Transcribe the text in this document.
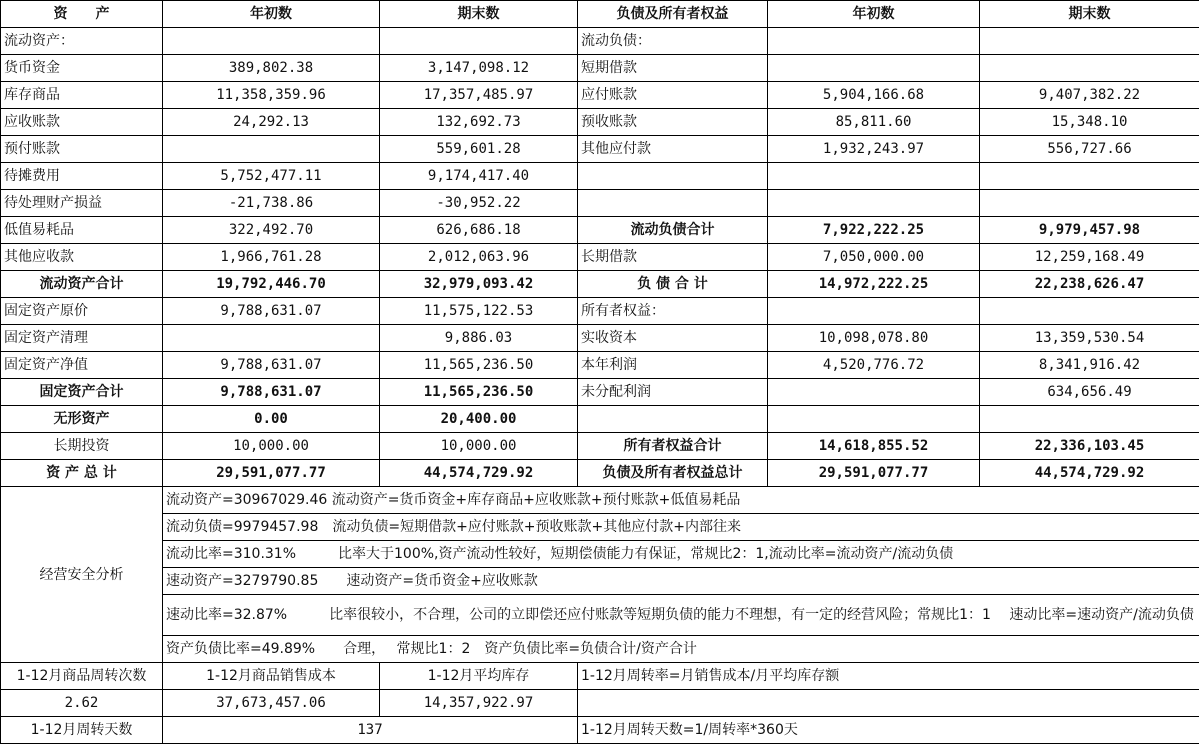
资　　产	年初数	期末数	负债及所有者权益	年初数	期末数
流动资产：			流动负债：		
货币资金	389,802.38	3,147,098.12	短期借款		
库存商品	11,358,359.96	17,357,485.97	应付账款	5,904,166.68	9,407,382.22
应收账款	24,292.13	132,692.73	预收账款	85,811.60	15,348.10
预付账款		559,601.28	其他应付款	1,932,243.97	556,727.66
待摊费用	5,752,477.11	9,174,417.40			
待处理财产损益	-21,738.86	-30,952.22			
低值易耗品	322,492.70	626,686.18	流动负债合计	7,922,222.25	9,979,457.98
其他应收款	1,966,761.28	2,012,063.96	长期借款	7,050,000.00	12,259,168.49
流动资产合计	19,792,446.70	32,979,093.42	负 债 合 计	14,972,222.25	22,238,626.47
固定资产原价	9,788,631.07	11,575,122.53	所有者权益：		
固定资产清理		9,886.03	实收资本	10,098,078.80	13,359,530.54
固定资产净值	9,788,631.07	11,565,236.50	本年利润	4,520,776.72	8,341,916.42
固定资产合计	9,788,631.07	11,565,236.50	未分配利润		634,656.49
无形资产	0.00	20,400.00			
长期投资	10,000.00	10,000.00	所有者权益合计	14,618,855.52	22,336,103.45
资 产 总 计	29,591,077.77	44,574,729.92	负债及所有者权益总计	29,591,077.77	44,574,729.92
经营安全分析	流动资产=30967029.46 流动资产=货币资金+库存商品+应收账款+预付账款+低值易耗品				
	流动负债=9979457.98　流动负债=短期借款+应付账款+预收账款+其他应付款+内部往来				
	流动比率=310.31%　　　比率大于100%,资产流动性较好，短期偿债能力有保证，常规比2：1,流动比率=流动资产/流动负债				
	速动资产=3279790.85　　速动资产=货币资金+应收账款				
	速动比率=32.87%　　　比率很较小，不合理，公司的立即偿还应付账款等短期负债的能力不理想，有一定的经营风险；常规比1：1　 速动比率=速动资产/流动负债				
	资产负债比率=49.89%　　合理，　 常规比1：2　资产负债比率=负债合计/资产合计				
1-12月商品周转次数	1-12月商品销售成本	1-12月平均库存	1-12月周转率=月销售成本/月平均库存额		
2.62	37,673,457.06	14,357,922.97			
1-12月周转天数	137		1-12月周转天数=1/周转率*360天		
